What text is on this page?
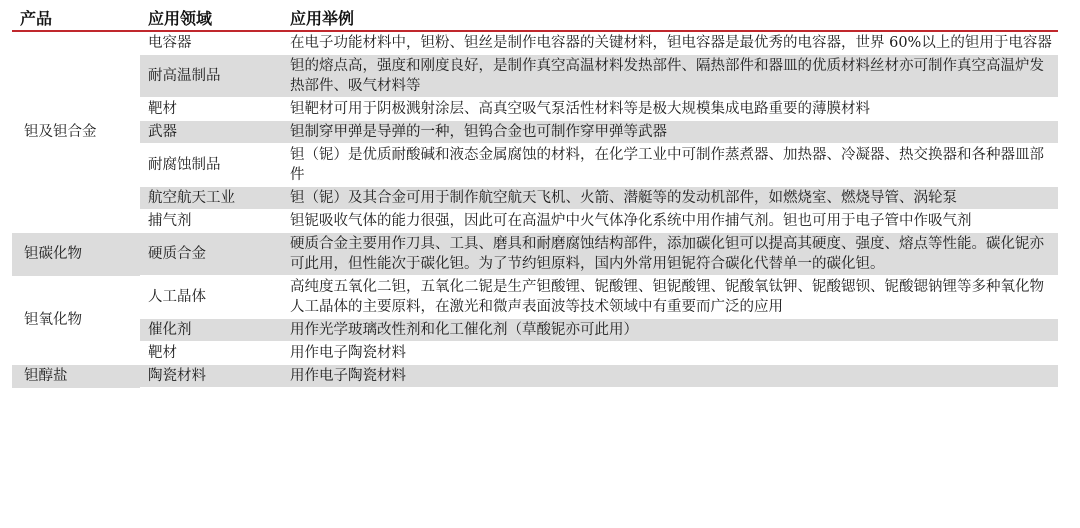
产品	应用领域	应用举例
钽及钽合金	电容器	在电子功能材料中，钽粉、钽丝是制作电容器的关键材料，钽电容器是最优秀的电容器，世界 60%以上的钽用于电容器
	耐高温制品	钽的熔点高，强度和刚度良好，是制作真空高温材料发热部件、隔热部件和器皿的优质材料丝材亦可制作真空高温炉发热部件、吸气材料等
	靶材	钽靶材可用于阴极溅射涂层、高真空吸气泵活性材料等是极大规模集成电路重要的薄膜材料
	武器	钽制穿甲弹是导弹的一种，钽钨合金也可制作穿甲弹等武器
	耐腐蚀制品	钽（铌）是优质耐酸碱和液态金属腐蚀的材料，在化学工业中可制作蒸煮器、加热器、冷凝器、热交换器和各种器皿部件
	航空航天工业	钽（铌）及其合金可用于制作航空航天飞机、火箭、潜艇等的发动机部件，如燃烧室、燃烧导管、涡轮泵
	捕气剂	钽铌吸收气体的能力很强，因此可在高温炉中火气体净化系统中用作捕气剂。钽也可用于电子管中作吸气剂
钽碳化物	硬质合金	硬质合金主要用作刀具、工具、磨具和耐磨腐蚀结构部件，添加碳化钽可以提高其硬度、强度、熔点等性能。碳化铌亦可此用，但性能次于碳化钽。为了节约钽原料，国内外常用钽铌符合碳化代替单一的碳化钽。
钽氧化物	人工晶体	高纯度五氧化二钽，五氧化二铌是生产钽酸锂、铌酸锂、钽铌酸锂、铌酸氧钛钾、铌酸锶钡、铌酸锶钠锂等多种氧化物人工晶体的主要原料，在激光和微声表面波等技术领域中有重要而广泛的应用
	催化剂	用作光学玻璃改性剂和化工催化剂（草酸铌亦可此用）
	靶材	用作电子陶瓷材料
钽醇盐	陶瓷材料	用作电子陶瓷材料
